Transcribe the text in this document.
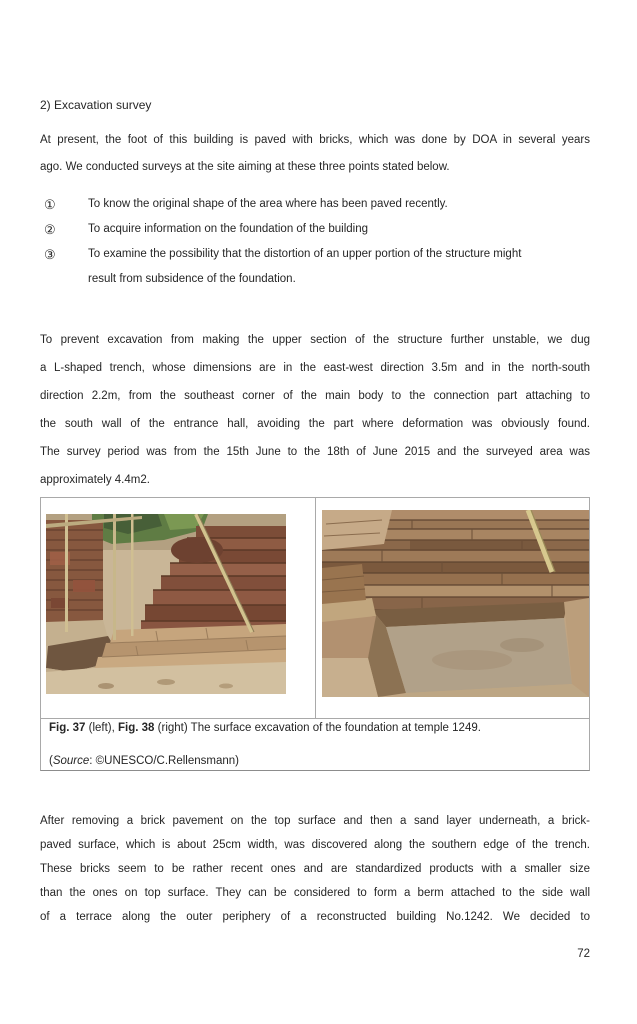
2) Excavation survey
At present, the foot of this building is paved with bricks, which was done by DOA in several years
ago. We conducted surveys at the site aiming at these three points stated below.
①	To know the original shape of the area where has been paved recently.
②	To acquire information on the foundation of the building
③	To examine the possibility that the distortion of an upper portion of the structure might
result from subsidence of the foundation.
To prevent excavation from making the upper section of the structure further unstable, we dug
a L-shaped trench, whose dimensions are in the east-west direction 3.5m and in the north-south
direction 2.2m, from the southeast corner of the main body to the connection part attaching to
the south wall of the entrance hall, avoiding the part where deformation was obviously found.
The survey period was from the 15th June to the 18th of June 2015 and the surveyed area was
approximately 4.4m2.
Fig. 37 (left), Fig. 38 (right) The surface excavation of the foundation at temple 1249.
(Source: ©UNESCO/C.Rellensmann)
After removing a brick pavement on the top surface and then a sand layer underneath, a brick-
paved surface, which is about 25cm width, was discovered along the southern edge of the trench.
These bricks seem to be rather recent ones and are standardized products with a smaller size
than the ones on top surface. They can be considered to form a berm attached to the side wall
of a terrace along the outer periphery of a reconstructed building No.1242. We decided to
72
